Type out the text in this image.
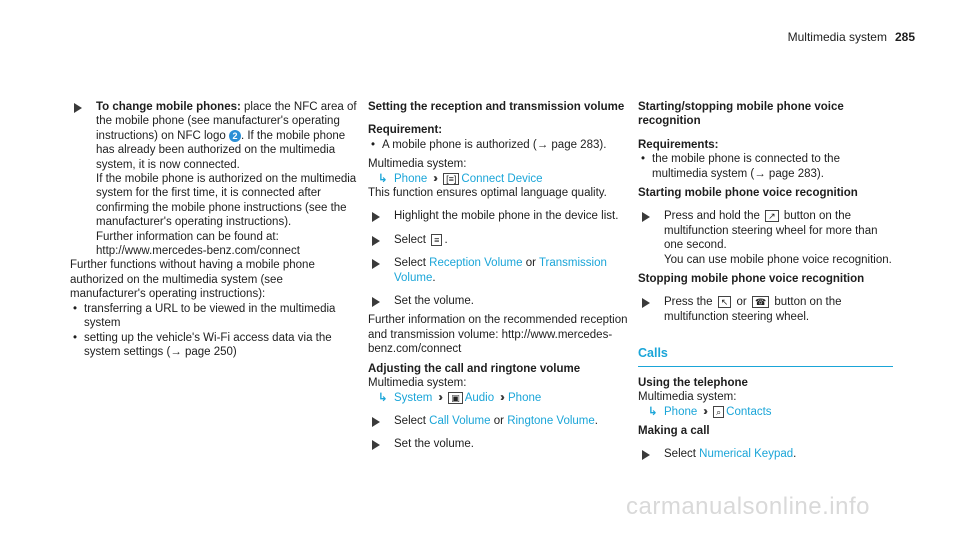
Multimedia system 285

To change mobile phones: place the NFC area of the mobile phone (see manufacturer's operating instructions) on NFC logo 2 . If the mobile phone has already been authorized on the multimedia system, it is now connected.

If the mobile phone is authorized on the multimedia system for the first time, it is connected after confirming the mobile phone instructions (see the manufacturer's operating instructions).

Further information can be found at: http://www.mercedes-benz.com/connect

Further functions without having a mobile phone authorized on the multimedia system (see manufacturer's operating instructions):

• transferring a URL to be viewed in the multimedia system
• setting up the vehicle's Wi-Fi access data via the system settings (→ page 250)

Setting the reception and transmission volume

Requirement:

• A mobile phone is authorized (→ page 283).

Multimedia system:

↳ Phone ›› [≡] Connect Device

This function ensures optimal language quality.

Highlight the mobile phone in the device list.

Select ≡ .

Select Reception Volume or Transmission Volume.

Set the volume.

Further information on the recommended reception and transmission volume: http://www.mercedes-benz.com/connect

Adjusting the call and ringtone volume

Multimedia system:

↳ System ›› ▣ Audio ›› Phone

Select Call Volume or Ringtone Volume.

Set the volume.

Starting/stopping mobile phone voice recognition

Requirements:

• the mobile phone is connected to the multimedia system (→ page 283).

Starting mobile phone voice recognition

Press and hold the ↗ button on the multifunction steering wheel for more than one second.

You can use mobile phone voice recognition.

Stopping mobile phone voice recognition

Press the ↖ or ☎ button on the multifunction steering wheel.

Calls

Using the telephone

Multimedia system:

↳ Phone ›› ⌕ Contacts

Making a call

Select Numerical Keypad.

carmanualsonline.info
